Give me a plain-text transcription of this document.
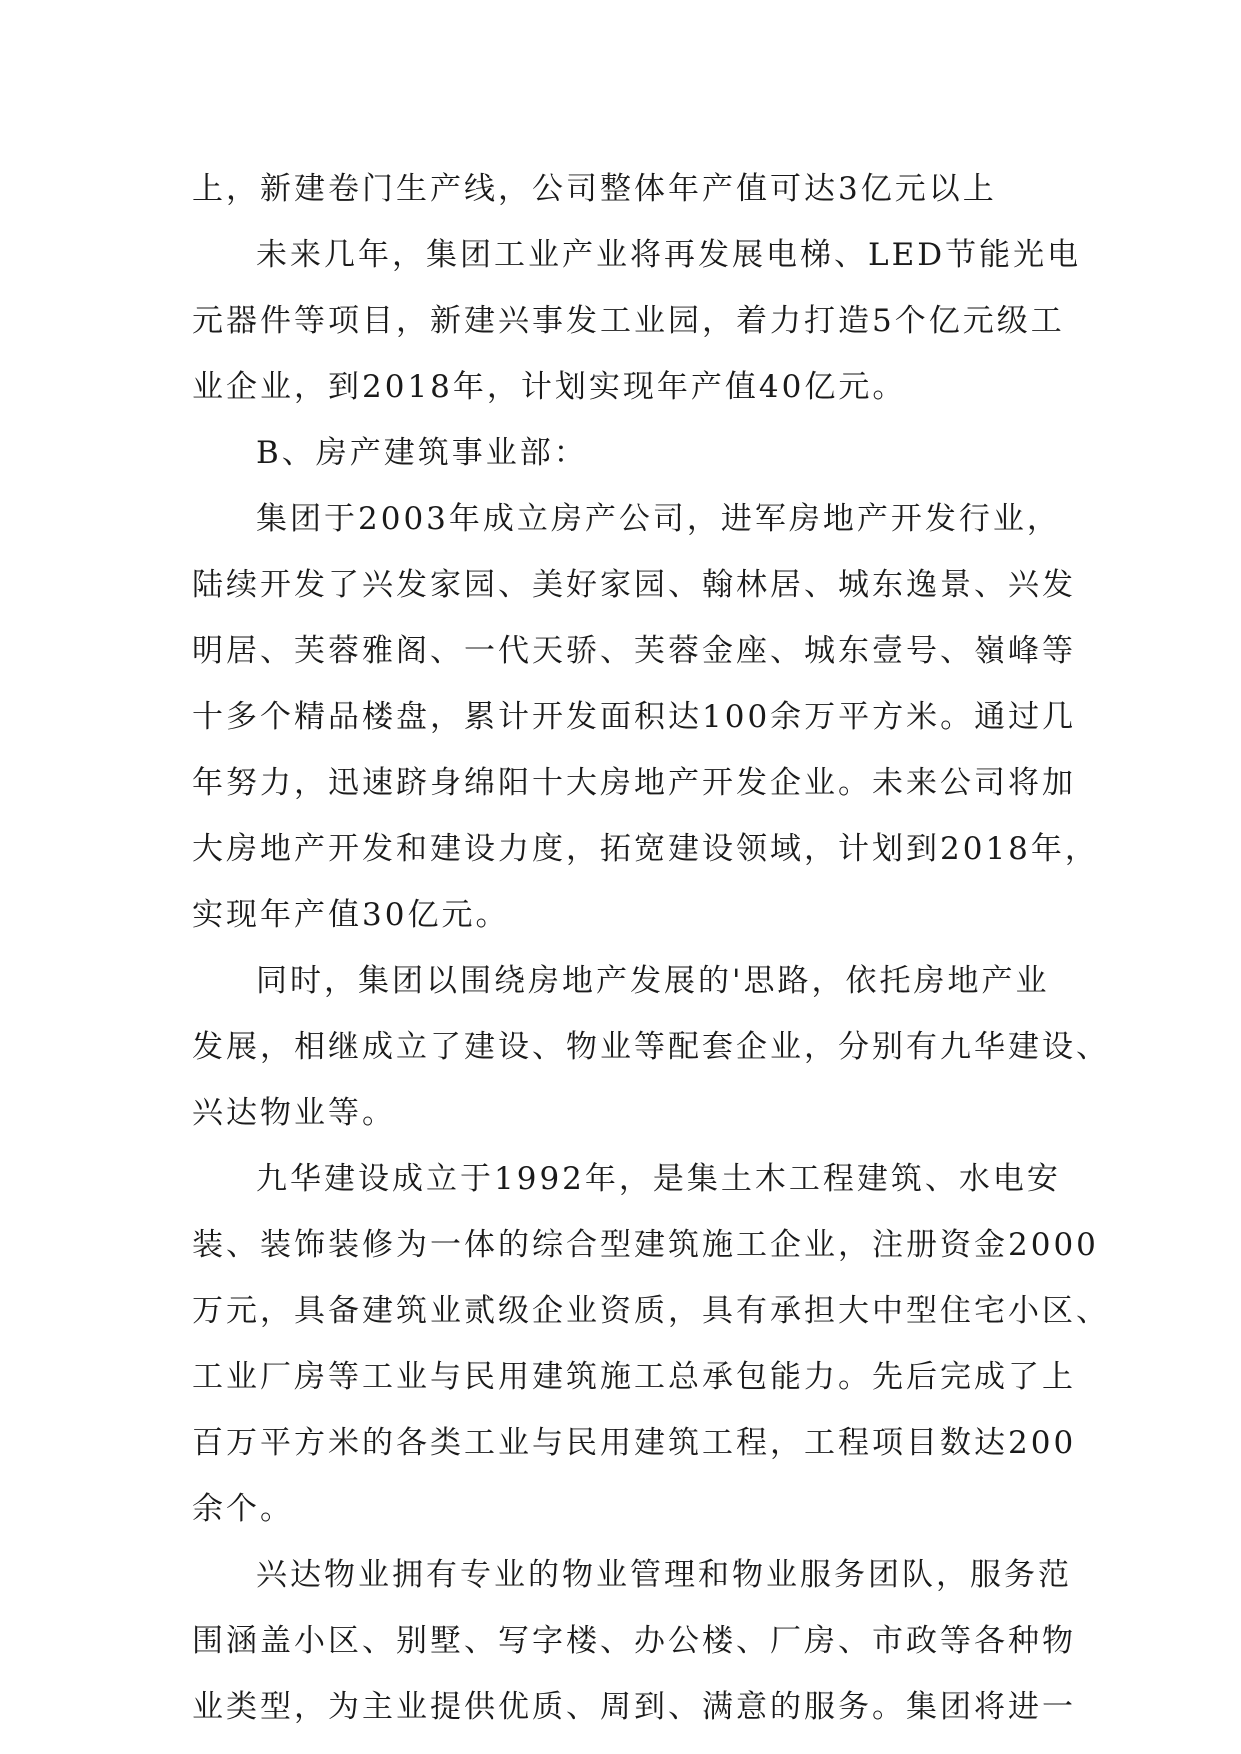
上，新建卷门生产线，公司整体年产值可达3亿元以上
未来几年，集团工业产业将再发展电梯、LED节能光电
元器件等项目，新建兴事发工业园，着力打造5个亿元级工
业企业，到2018年，计划实现年产值40亿元。
B、房产建筑事业部：
集团于2003年成立房产公司，进军房地产开发行业，
陆续开发了兴发家园、美好家园、翰林居、城东逸景、兴发
明居、芙蓉雅阁、一代天骄、芙蓉金座、城东壹号、嶺峰等
十多个精品楼盘，累计开发面积达100余万平方米。通过几
年努力，迅速跻身绵阳十大房地产开发企业。未来公司将加
大房地产开发和建设力度，拓宽建设领域，计划到2018年，
实现年产值30亿元。
同时，集团以围绕房地产发展的'思路，依托房地产业
发展，相继成立了建设、物业等配套企业，分别有九华建设、
兴达物业等。
九华建设成立于1992年，是集土木工程建筑、水电安
装、装饰装修为一体的综合型建筑施工企业，注册资金2000
万元，具备建筑业贰级企业资质，具有承担大中型住宅小区、
工业厂房等工业与民用建筑施工总承包能力。先后完成了上
百万平方米的各类工业与民用建筑工程，工程项目数达200
余个。
兴达物业拥有专业的物业管理和物业服务团队，服务范
围涵盖小区、别墅、写字楼、办公楼、厂房、市政等各种物
业类型，为主业提供优质、周到、满意的服务。集团将进一
